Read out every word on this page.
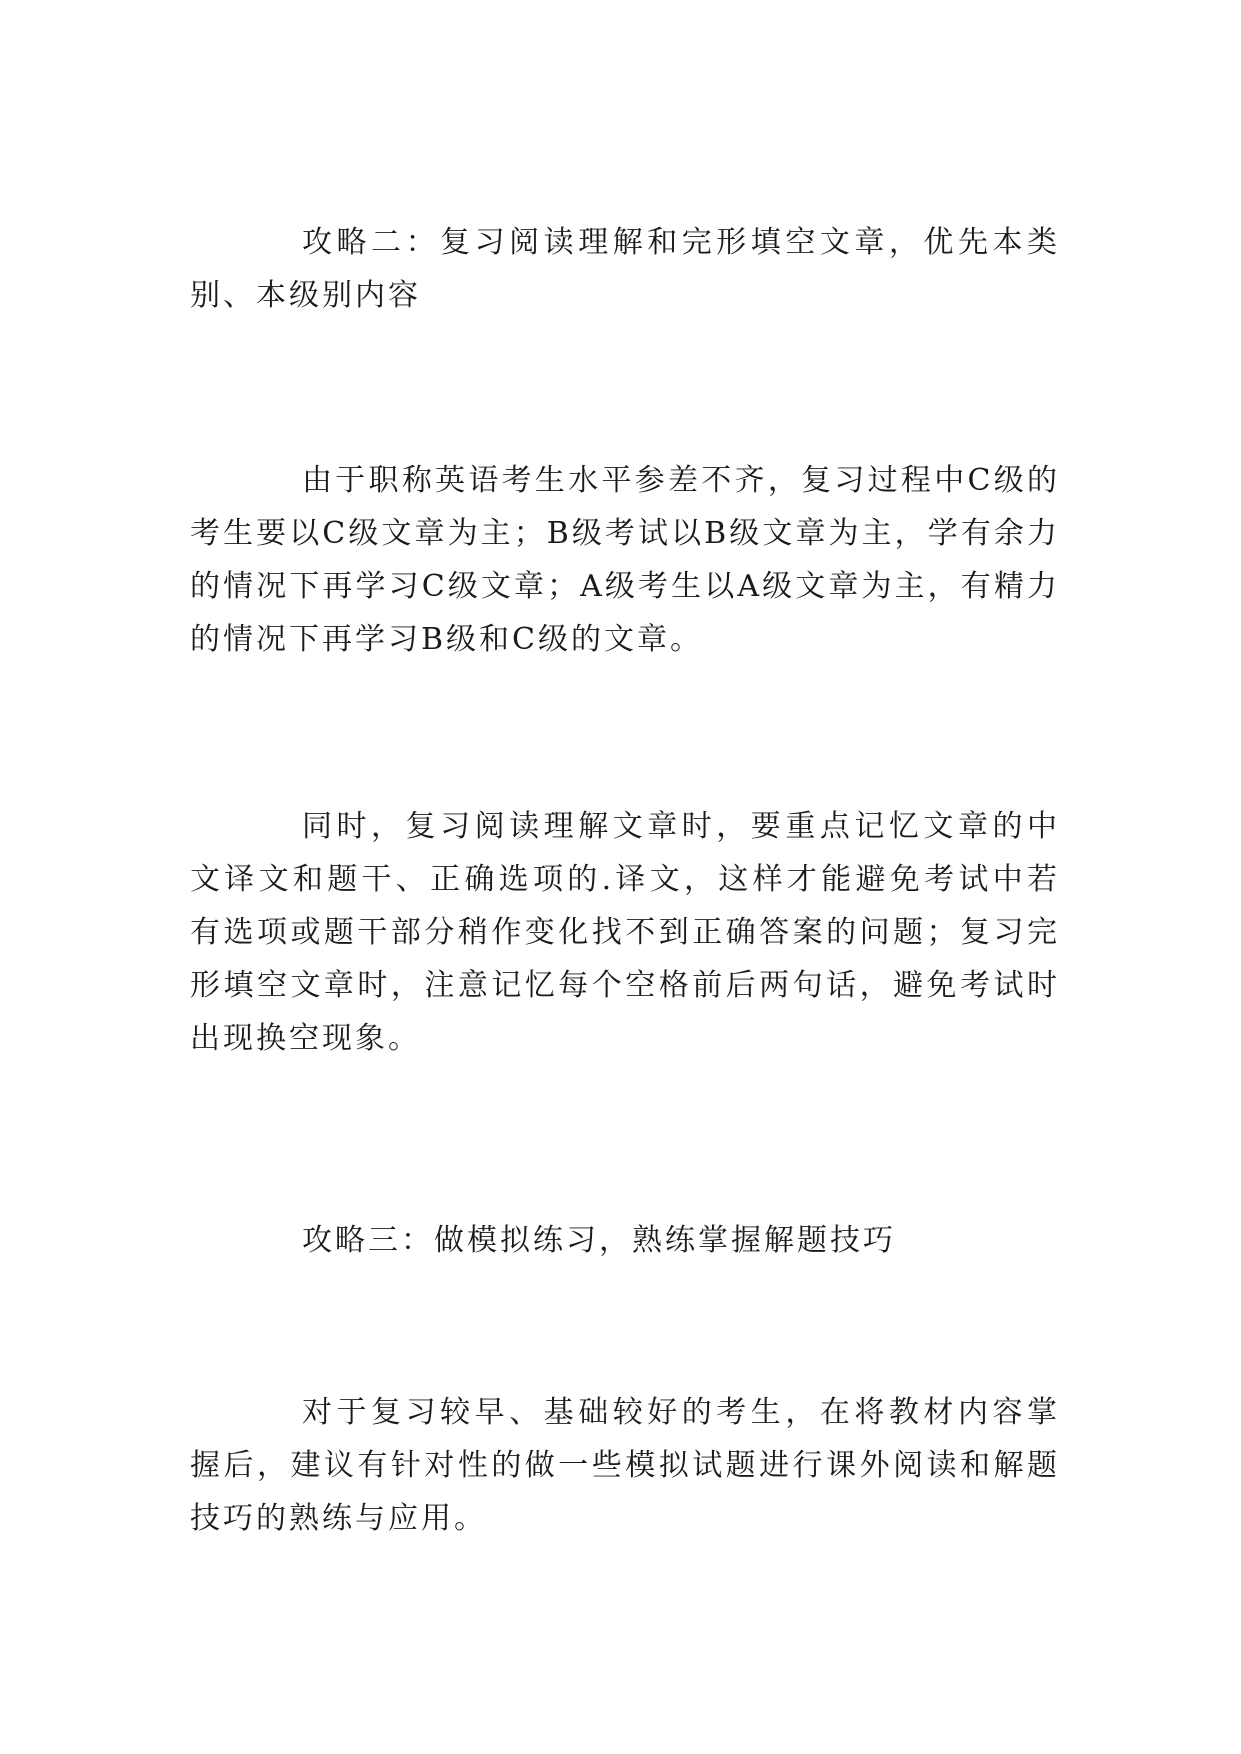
攻略二：复习阅读理解和完形填空文章，优先本类别、本级别内容

由于职称英语考生水平参差不齐，复习过程中C级的考生要以C级文章为主；B级考试以B级文章为主，学有余力的情况下再学习C级文章；A级考生以A级文章为主，有精力的情况下再学习B级和C级的文章。

同时，复习阅读理解文章时，要重点记忆文章的中文译文和题干、正确选项的.译文，这样才能避免考试中若有选项或题干部分稍作变化找不到正确答案的问题；复习完形填空文章时，注意记忆每个空格前后两句话，避免考试时出现换空现象。

攻略三：做模拟练习，熟练掌握解题技巧

对于复习较早、基础较好的考生，在将教材内容掌握后，建议有针对性的做一些模拟试题进行课外阅读和解题技巧的熟练与应用。
